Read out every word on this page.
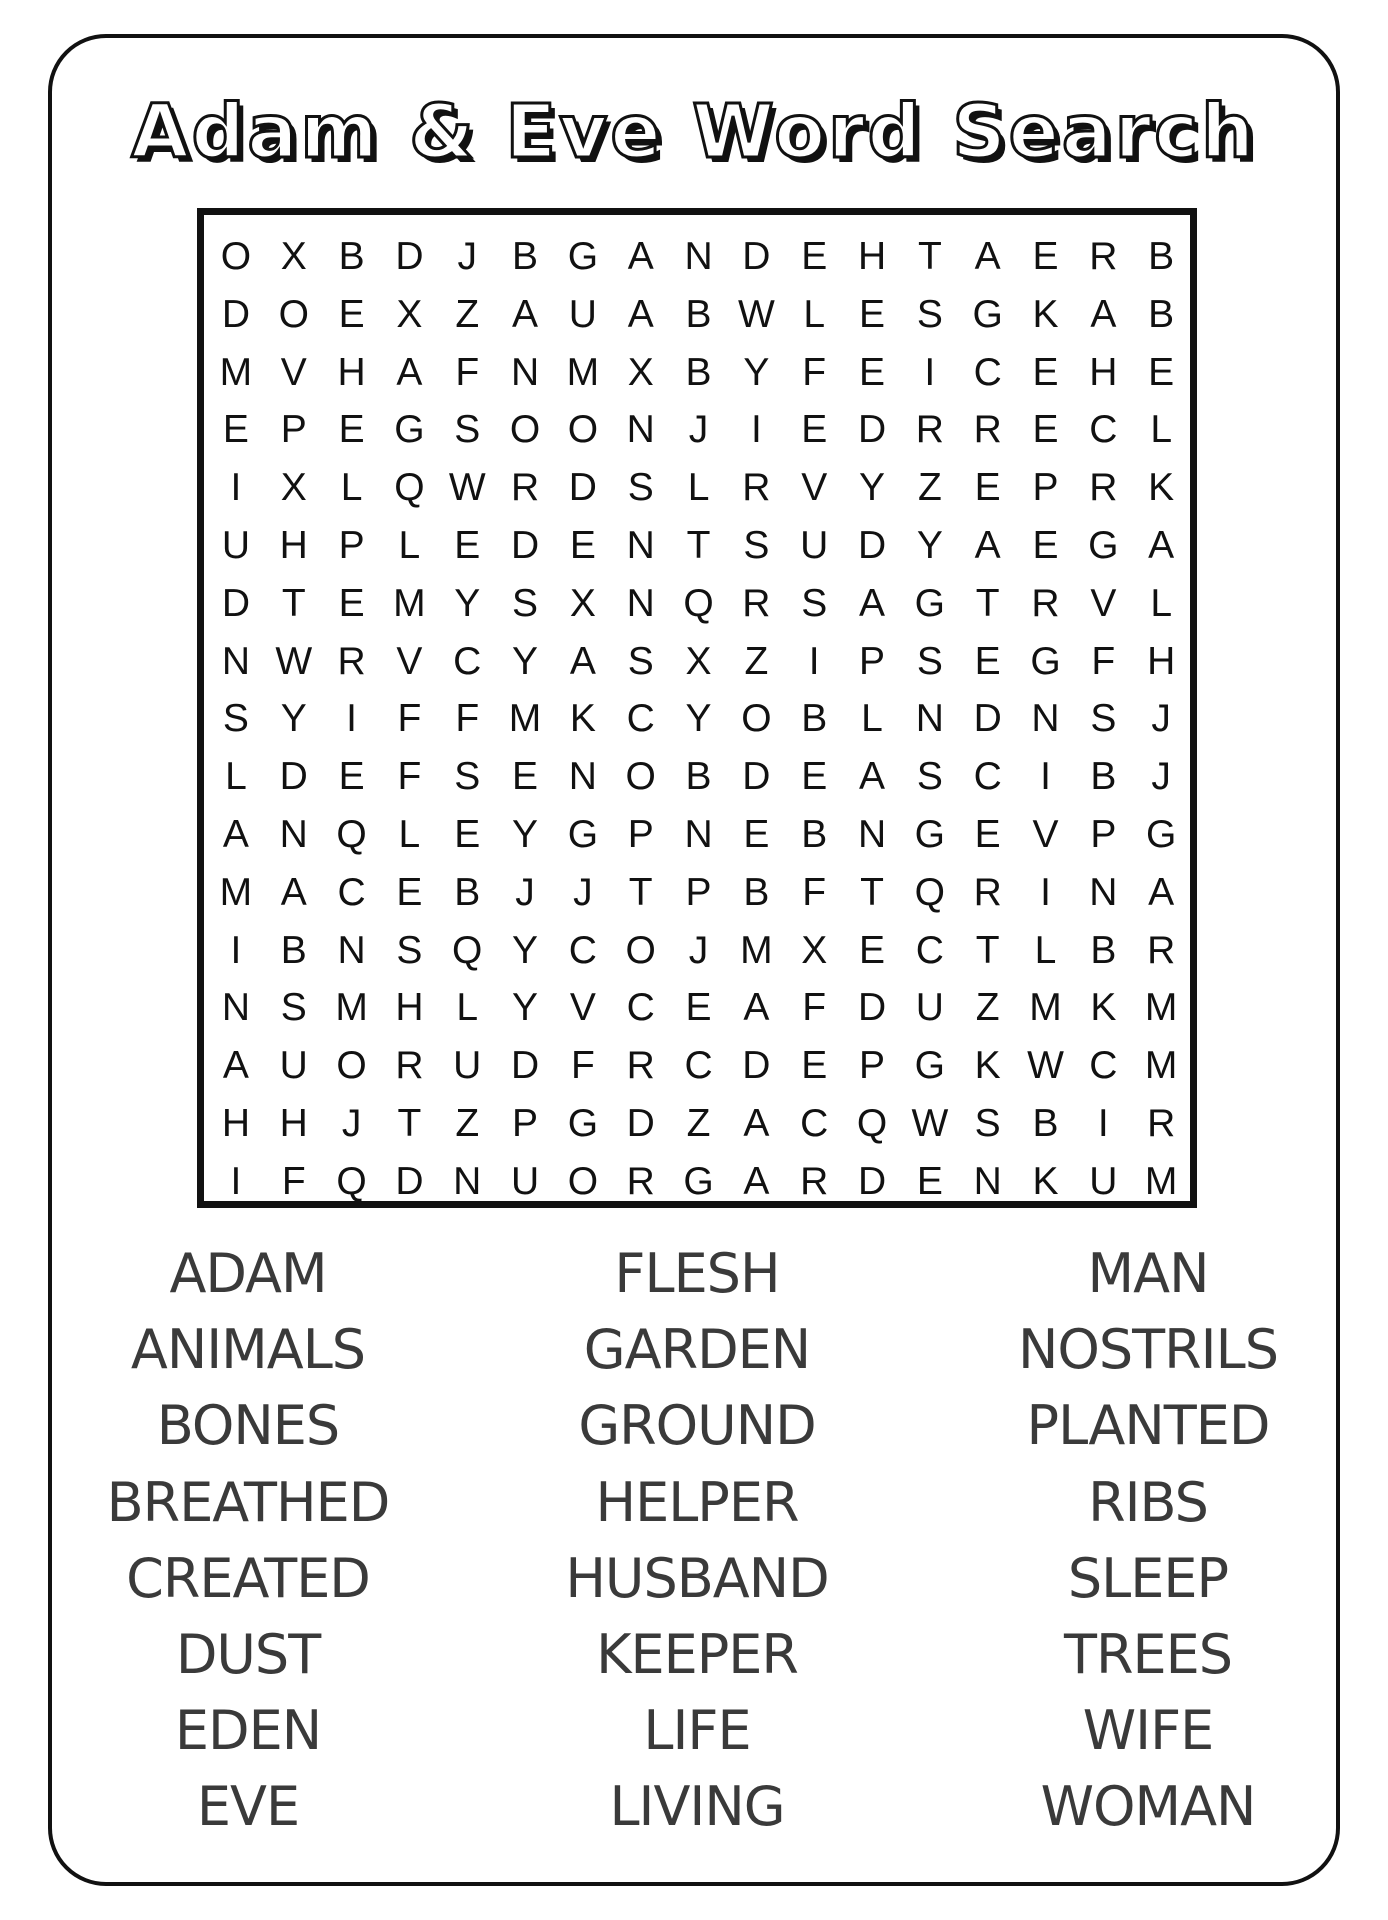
Adam & Eve Word Search
O X B D J B G A N D E H T A E R B
D O E X Z A U A B W L E S G K A B
M V H A F N M X B Y F E	I C E H E
E P E G S O O N J	I	E D R R E C L
I	X L Q W R D S L R V Y Z E P R K
U H P L E D E N T S U D Y A E G A
D T E M Y S X N Q R S A G T R V L
N W R V C Y A S X Z	I	P S E G F H
S Y	I	F F M K C Y O B L N D N S J
L D E F S E N O B D E A S C I	B J
A N Q L E Y G P N E B N G E V P G
M A C E B J J T P B F T Q R I N A
I	B N S Q Y C O J M X E C T L B R
N S M H L Y V C E A F D U Z M K M
A U O R U D F R C D E P G K W C M
H H J T Z P G D Z A C Q W S B	I R
I	F Q D N U O R G A R D E N K U M
ADAM
ANIMALS
BONES
BREATHED
CREATED
DUST
EDEN
EVE
FLESH
GARDEN
GROUND
HELPER
HUSBAND
KEEPER
LIFE
LIVING
MAN
NOSTRILS
PLANTED
RIBS
SLEEP
TREES
WIFE
WOMAN
